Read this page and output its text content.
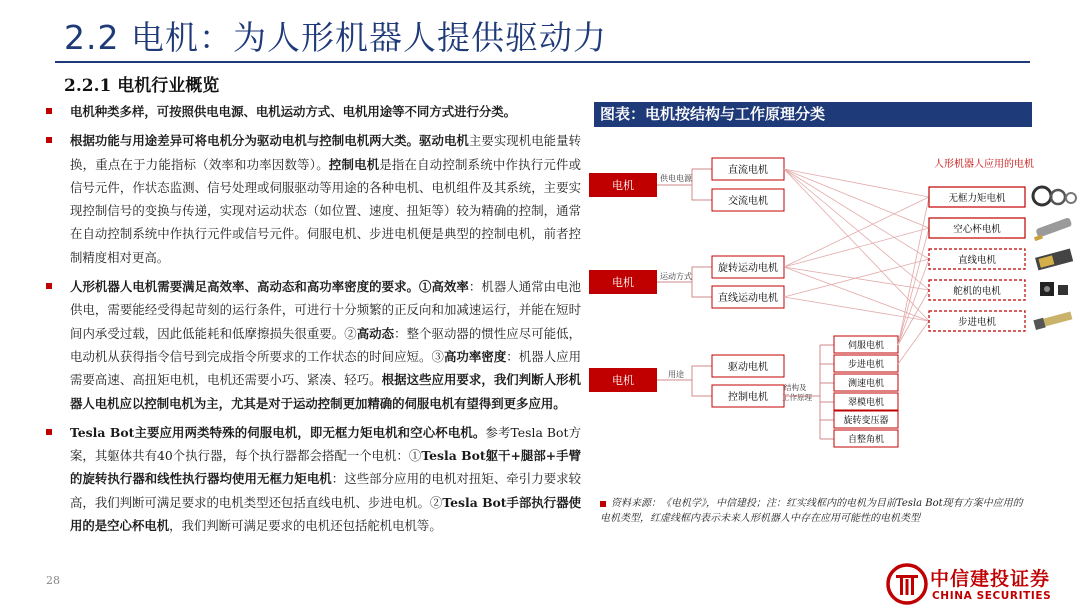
2.2 电机：为人形机器人提供驱动力
2.2.1 电机行业概览
电机种类多样，可按照供电电源、电机运动方式、电机用途等不同方式进行分类。
根据功能与用途差异可将电机分为驱动电机与控制电机两大类。驱动电机主要实现机电能量转换，重点在于力能指标（效率和功率因数等）。控制电机是指在自动控制系统中作执行元件或信号元件，作状态监测、信号处理或伺服驱动等用途的各种电机、电机组件及其系统，主要实现控制信号的变换与传递，实现对运动状态（如位置、速度、扭矩等）较为精确的控制，通常在自动控制系统中作执行元件或信号元件。伺服电机、步进电机便是典型的控制电机，前者控制精度相对更高。
人形机器人电机需要满足高效率、高动态和高功率密度的要求。①高效率：机器人通常由电池供电，需要能经受得起苛刻的运行条件，可进行十分频繁的正反向和加减速运行，并能在短时间内承受过载，因此低能耗和低摩擦损失很重要。②高动态：整个驱动器的惯性应尽可能低，电动机从获得指令信号到完成指令所要求的工作状态的时间应短。③高功率密度：机器人应用需要高速、高扭矩电机，电机还需要小巧、紧凑、轻巧。根据这些应用要求，我们判断人形机器人电机应以控制电机为主，尤其是对于运动控制更加精确的伺服电机有望得到更多应用。
Tesla Bot主要应用两类特殊的伺服电机，即无框力矩电机和空心杯电机。参考Tesla Bot方案，其躯体共有40个执行器，每个执行器都会搭配一个电机：①Tesla Bot躯干+腿部+手臂的旋转执行器和线性执行器均使用无框力矩电机：这些部分应用的电机对扭矩、牵引力要求较高，我们判断可满足要求的电机类型还包括直线电机、步进电机。②Tesla Bot手部执行器使用的是空心杯电机，我们判断可满足要求的电机还包括舵机电机等。
图表：电机按结构与工作原理分类
电机
电机
电机
供电电源
运动方式
用途
直流电机
交流电机
旋转运动电机
直线运动电机
驱动电机
控制电机
结构及
工作原理
伺服电机
步进电机
测速电机
翠模电机
旋转变压器
自整角机
人形机器人应用的电机
无框力矩电机
空心杯电机
直线电机
舵机的电机
步进电机
资料来源：《电机学》，中信建投；注：红实线框内的电机为目前Tesla Bot现有方案中应用的电机类型，红虚线框内表示未来人形机器人中存在应用可能性的电机类型
28	中信建投证券
CHINA SECURITIES
